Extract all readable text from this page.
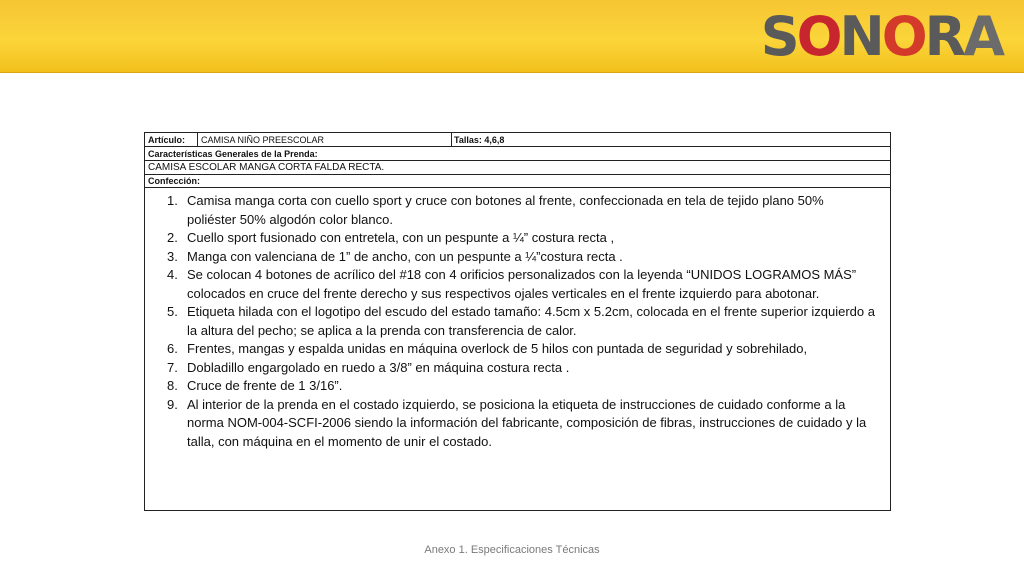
S O N O R A
Artículo:	CAMISA NIÑO PREESCOLAR	Tallas: 4,6,8
Características Generales de la Prenda:
CAMISA ESCOLAR MANGA CORTA FALDA RECTA.
Confección:
1. Camisa manga corta con cuello sport y cruce con botones al frente, confeccionada en tela de tejido plano 50% poliéster 50% algodón color blanco.
2. Cuello sport fusionado con entretela, con un pespunte a ¼” costura recta ,
3. Manga con valenciana de 1” de ancho, con un pespunte a ¼”costura recta .
4. Se colocan 4 botones de acrílico del #18 con 4 orificios personalizados con la leyenda “UNIDOS LOGRAMOS MÁS” colocados en cruce del frente derecho y sus respectivos ojales verticales en el frente izquierdo para abotonar.
5. Etiqueta hilada con el logotipo del escudo del estado tamaño: 4.5cm x 5.2cm, colocada en el frente superior izquierdo a la altura del pecho; se aplica a la prenda con transferencia de calor.
6. Frentes, mangas y espalda unidas en máquina overlock de 5 hilos con puntada de seguridad y sobrehilado,
7. Dobladillo engargolado en ruedo a 3/8” en máquina costura recta .
8. Cruce de frente de 1 3/16”.
9. Al interior de la prenda en el costado izquierdo, se posiciona la etiqueta de instrucciones de cuidado conforme a la norma NOM-004-SCFI-2006 siendo la información del fabricante, composición de fibras, instrucciones de cuidado y la talla, con máquina en el momento de unir el costado.
Anexo 1. Especificaciones Técnicas
